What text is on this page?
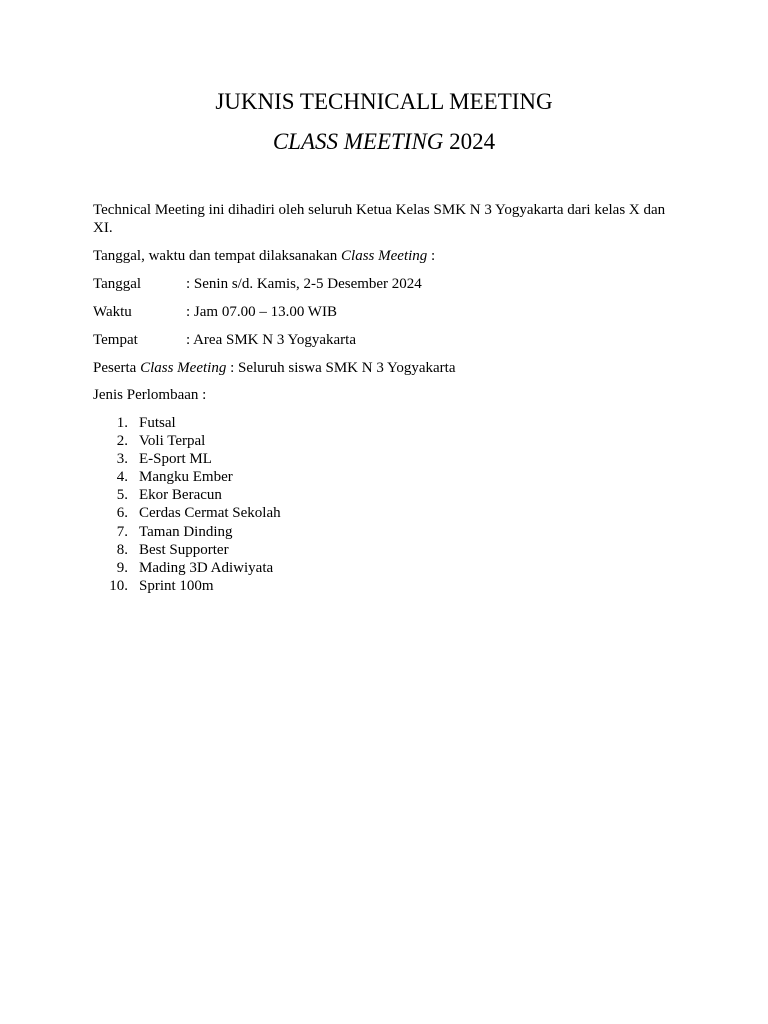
JUKNIS TECHNICALL MEETING
CLASS MEETING 2024
Technical Meeting ini dihadiri oleh seluruh Ketua Kelas SMK N 3 Yogyakarta dari kelas X dan XI.
Tanggal, waktu dan tempat dilaksanakan Class Meeting :
Tanggal	: Senin s/d. Kamis, 2-5 Desember 2024
Waktu	: Jam 07.00 – 13.00 WIB
Tempat	: Area SMK N 3 Yogyakarta
Peserta Class Meeting : Seluruh siswa SMK N 3 Yogyakarta
Jenis Perlombaan :
1. Futsal
2. Voli Terpal
3. E-Sport ML
4. Mangku Ember
5. Ekor Beracun
6. Cerdas Cermat Sekolah
7. Taman Dinding
8. Best Supporter
9. Mading 3D Adiwiyata
10. Sprint 100m
